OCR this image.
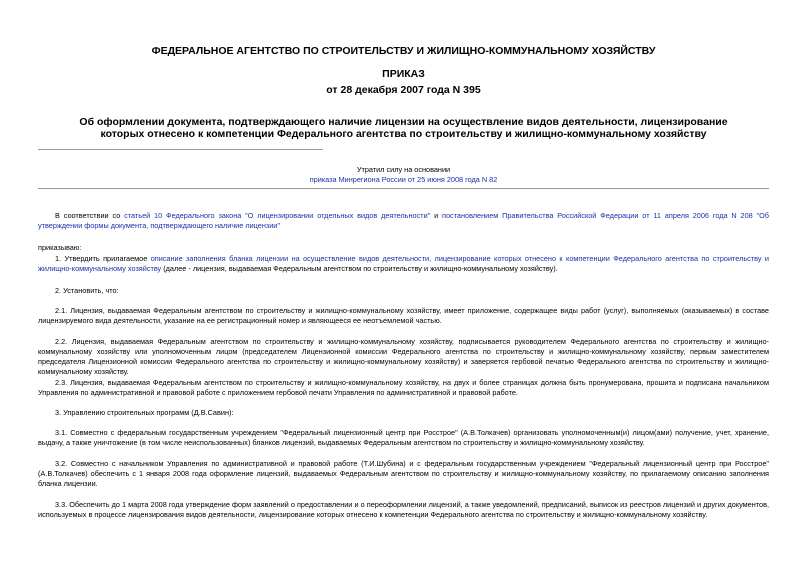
ФЕДЕРАЛЬНОЕ АГЕНТСТВО ПО СТРОИТЕЛЬСТВУ И ЖИЛИЩНО-КОММУНАЛЬНОМУ ХОЗЯЙСТВУ
ПРИКАЗ
от 28 декабря 2007 года N 395
Об оформлении документа, подтверждающего наличие лицензии на осуществление видов деятельности, лицензирование которых отнесено к компетенции Федерального агентства по строительству и жилищно-коммунальному хозяйству
Утратил силу на основании
приказа Минрегиона России от 25 июня 2008 года N 82
В соответствии со статьей 10 Федерального закона "О лицензировании отдельных видов деятельности" и постановлением Правительства Российской Федерации от 11 апреля 2006 года N 208 "Об утверждении формы документа, подтверждающего наличие лицензии"
приказываю:
1. Утвердить прилагаемое описание заполнения бланка лицензии на осуществление видов деятельности, лицензирование которых отнесено к компетенции Федерального агентства по строительству и жилищно-коммунальному хозяйству (далее - лицензия, выдаваемая Федеральным агентством по строительству и жилищно-коммунальному хозяйству).
2. Установить, что:
2.1. Лицензия, выдаваемая Федеральным агентством по строительству и жилищно-коммунальному хозяйству, имеет приложение, содержащее виды работ (услуг), выполняемых (оказываемых) в составе лицензируемого вида деятельности, указание на ее регистрационный номер и являющееся ее неотъемлемой частью.
2.2. Лицензия, выдаваемая Федеральным агентством по строительству и жилищно-коммунальному хозяйству, подписывается руководителем Федерального агентства по строительству и жилищно-коммунальному хозяйству или уполномоченным лицом (председателем Лицензионной комиссии Федерального агентства по строительству и жилищно-коммунальному хозяйству, первым заместителем председателя Лицензионной комиссии Федерального агентства по строительству и жилищно-коммунальному хозяйству) и заверяется гербовой печатью Федерального агентства по строительству и жилищно-коммунальному хозяйству.
2.3. Лицензия, выдаваемая Федеральным агентством по строительству и жилищно-коммунальному хозяйству, на двух и более страницах должна быть пронумерована, прошита и подписана начальником Управления по административной и правовой работе с приложением гербовой печати Управления по административной и правовой работе.
3. Управлению строительных программ (Д.В.Савин):
3.1. Совместно с федеральным государственным учреждением "Федеральный лицензионный центр при Росстрое" (А.В.Толкачев) организовать уполномоченным(и) лицом(ами) получение, учет, хранение, выдачу, а также уничтожение (в том числе неиспользованных) бланков лицензий, выдаваемых Федеральным агентством по строительству и жилищно-коммунальному хозяйству.
3.2. Совместно с начальником Управления по административной и правовой работе (Т.И.Шубина) и с федеральным государственным учреждением "Федеральный лицензионный центр при Росстрое" (А.В.Толкачев) обеспечить с 1 января 2008 года оформление лицензий, выдаваемых Федеральным агентством по строительству и жилищно-коммунальному хозяйству, по прилагаемому описанию заполнения бланка лицензии.
3.3. Обеспечить до 1 марта 2008 года утверждение форм заявлений о предоставлении и о переоформлении лицензий, а также уведомлений, предписаний, выписок из реестров лицензий и других документов, используемых в процессе лицензирования видов деятельности, лицензирование которых отнесено к компетенции Федерального агентства по строительству и жилищно-коммунальному хозяйству.
